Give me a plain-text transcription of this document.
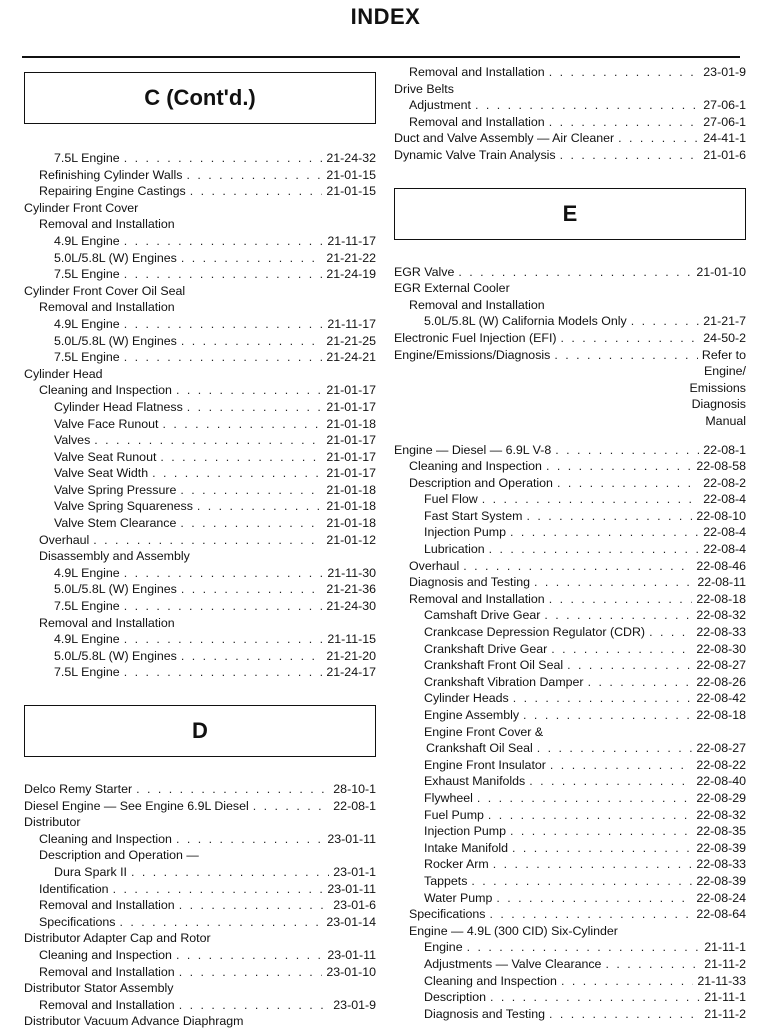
INDEX
C (Cont'd.)
7.5L Engine . . .	21-24-32
Refinishing Cylinder Walls . . .	21-01-15
Repairing Engine Castings . . .	21-01-15
Cylinder Front Cover
Removal and Installation
4.9L Engine . . .	21-11-17
5.0L/5.8L (W) Engines . . .	21-21-22
7.5L Engine . . .	21-24-19
Cylinder Front Cover Oil Seal
Removal and Installation
4.9L Engine . . .	21-11-17
5.0L/5.8L (W) Engines . . .	21-21-25
7.5L Engine . . .	21-24-21
Cylinder Head
Cleaning and Inspection . . .	21-01-17
Cylinder Head Flatness . . .	21-01-17
Valve Face Runout . . .	21-01-18
Valves . . .	21-01-17
Valve Seat Runout . . .	21-01-17
Valve Seat Width . . .	21-01-17
Valve Spring Pressure . . .	21-01-18
Valve Spring Squareness . . .	21-01-18
Valve Stem Clearance . . .	21-01-18
Overhaul . . .	21-01-12
Disassembly and Assembly
4.9L Engine . . .	21-11-30
5.0L/5.8L (W) Engines . . .	21-21-36
7.5L Engine . . .	21-24-30
Removal and Installation
4.9L Engine . . .	21-11-15
5.0L/5.8L (W) Engines . . .	21-21-20
7.5L Engine . . .	21-24-17
D
Delco Remy Starter . . .	28-10-1
Diesel Engine — See Engine 6.9L Diesel . . .	22-08-1
Distributor
Cleaning and Inspection . . .	23-01-11
Description and Operation —
Dura Spark II . . .	23-01-1
Identification . . .	23-01-11
Removal and Installation . . .	23-01-6
Specifications . . .	23-01-14
Distributor Adapter Cap and Rotor
Cleaning and Inspection . . .	23-01-11
Removal and Installation . . .	23-01-10
Distributor Stator Assembly
Removal and Installation . . .	23-01-9
Distributor Vacuum Advance Diaphragm
Removal and Installation . . .	23-01-9
Drive Belts
Adjustment . . .	27-06-1
Removal and Installation . . .	27-06-1
Duct and Valve Assembly — Air Cleaner . . .	24-41-1
Dynamic Valve Train Analysis . . .	21-01-6
E
EGR Valve . . .	21-01-10
EGR External Cooler
Removal and Installation
5.0L/5.8L (W) California Models Only . . .	21-21-7
Electronic Fuel Injection (EFI) . . .	24-50-2
Engine/Emissions/Diagnosis . . .	Refer to
Engine/
Emissions
Diagnosis
Manual
Engine — Diesel — 6.9L V-8 . . .	22-08-1
Cleaning and Inspection . . .	22-08-58
Description and Operation . . .	22-08-2
Fuel Flow . . .	22-08-4
Fast Start System . . .	22-08-10
Injection Pump . . .	22-08-4
Lubrication . . .	22-08-4
Overhaul . . .	22-08-46
Diagnosis and Testing . . .	22-08-11
Removal and Installation . . .	22-08-18
Camshaft Drive Gear . . .	22-08-32
Crankcase Depression Regulator (CDR) . . .	22-08-33
Crankshaft Drive Gear . . .	22-08-30
Crankshaft Front Oil Seal . . .	22-08-27
Crankshaft Vibration Damper . . .	22-08-26
Cylinder Heads . . .	22-08-42
Engine Assembly . . .	22-08-18
Engine Front Cover &
Crankshaft Oil Seal . . .	22-08-27
Engine Front Insulator . . .	22-08-22
Exhaust Manifolds . . .	22-08-40
Flywheel . . .	22-08-29
Fuel Pump . . .	22-08-32
Injection Pump . . .	22-08-35
Intake Manifold . . .	22-08-39
Rocker Arm . . .	22-08-33
Tappets . . .	22-08-39
Water Pump . . .	22-08-24
Specifications . . .	22-08-64
Engine — 4.9L (300 CID) Six-Cylinder
Engine . . .	21-11-1
Adjustments — Valve Clearance . . .	21-11-2
Cleaning and Inspection . . .	21-11-33
Description . . .	21-11-1
Diagnosis and Testing . . .	21-11-2
